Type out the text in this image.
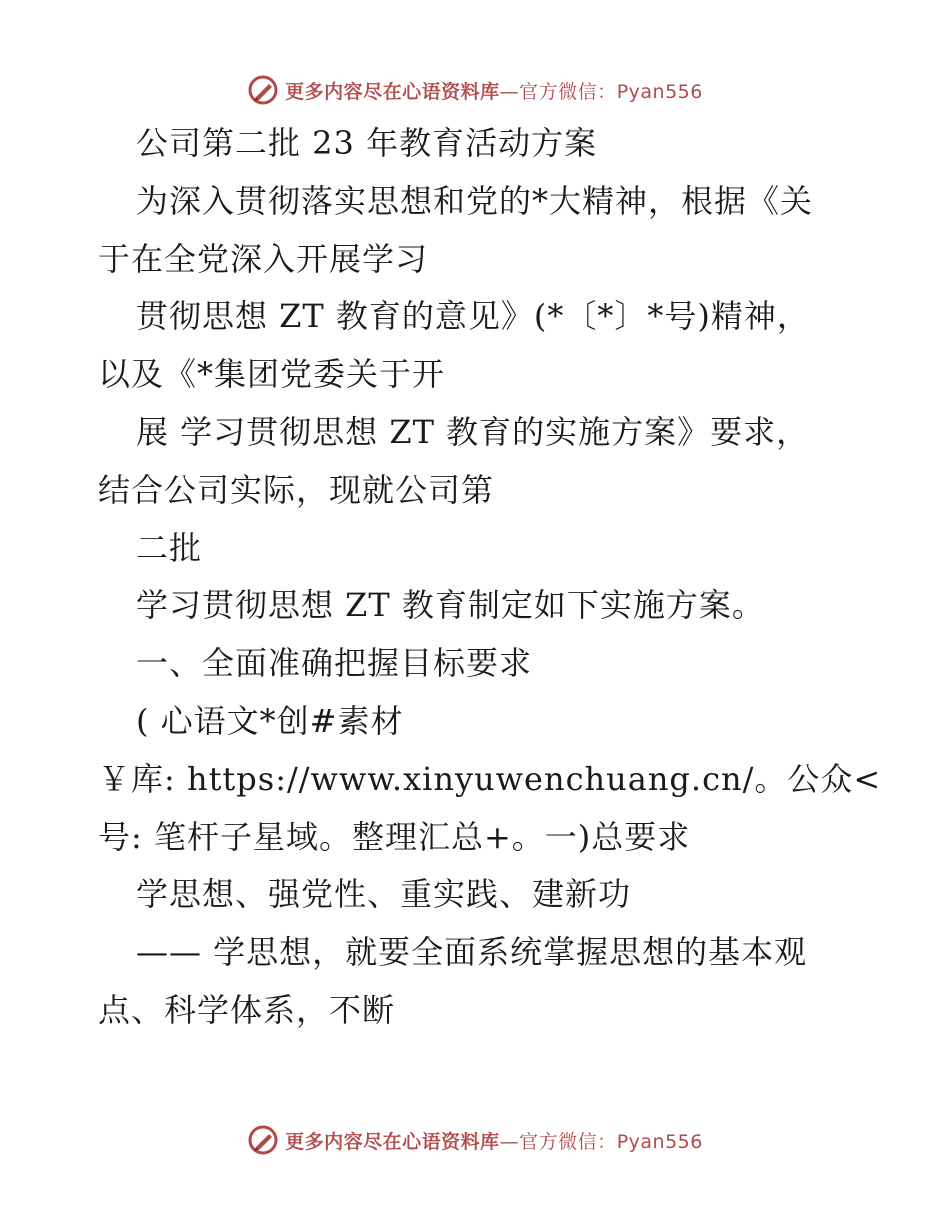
更多内容尽在心语资料库—官方微信：Pyan556
公司第二批 23 年教育活动方案
为深入贯彻落实思想和党的*大精神，根据《关
于在全党深入开展学习
贯彻思想 ZT 教育的意见》(*〔*〕*号)精神，
以及《*集团党委关于开
展 学习贯彻思想 ZT 教育的实施方案》要求，
结合公司实际，现就公司第
二批
学习贯彻思想 ZT 教育制定如下实施方案。
一、全面准确把握目标要求
( 心语文*创#素材
￥库: https://www.xinyuwenchuang.cn/。公众<
号: 笔杆子星域。整理汇总+。一)总要求
学思想、强党性、重实践、建新功
—— 学思想，就要全面系统掌握思想的基本观
点、科学体系，不断
更多内容尽在心语资料库—官方微信：Pyan556
